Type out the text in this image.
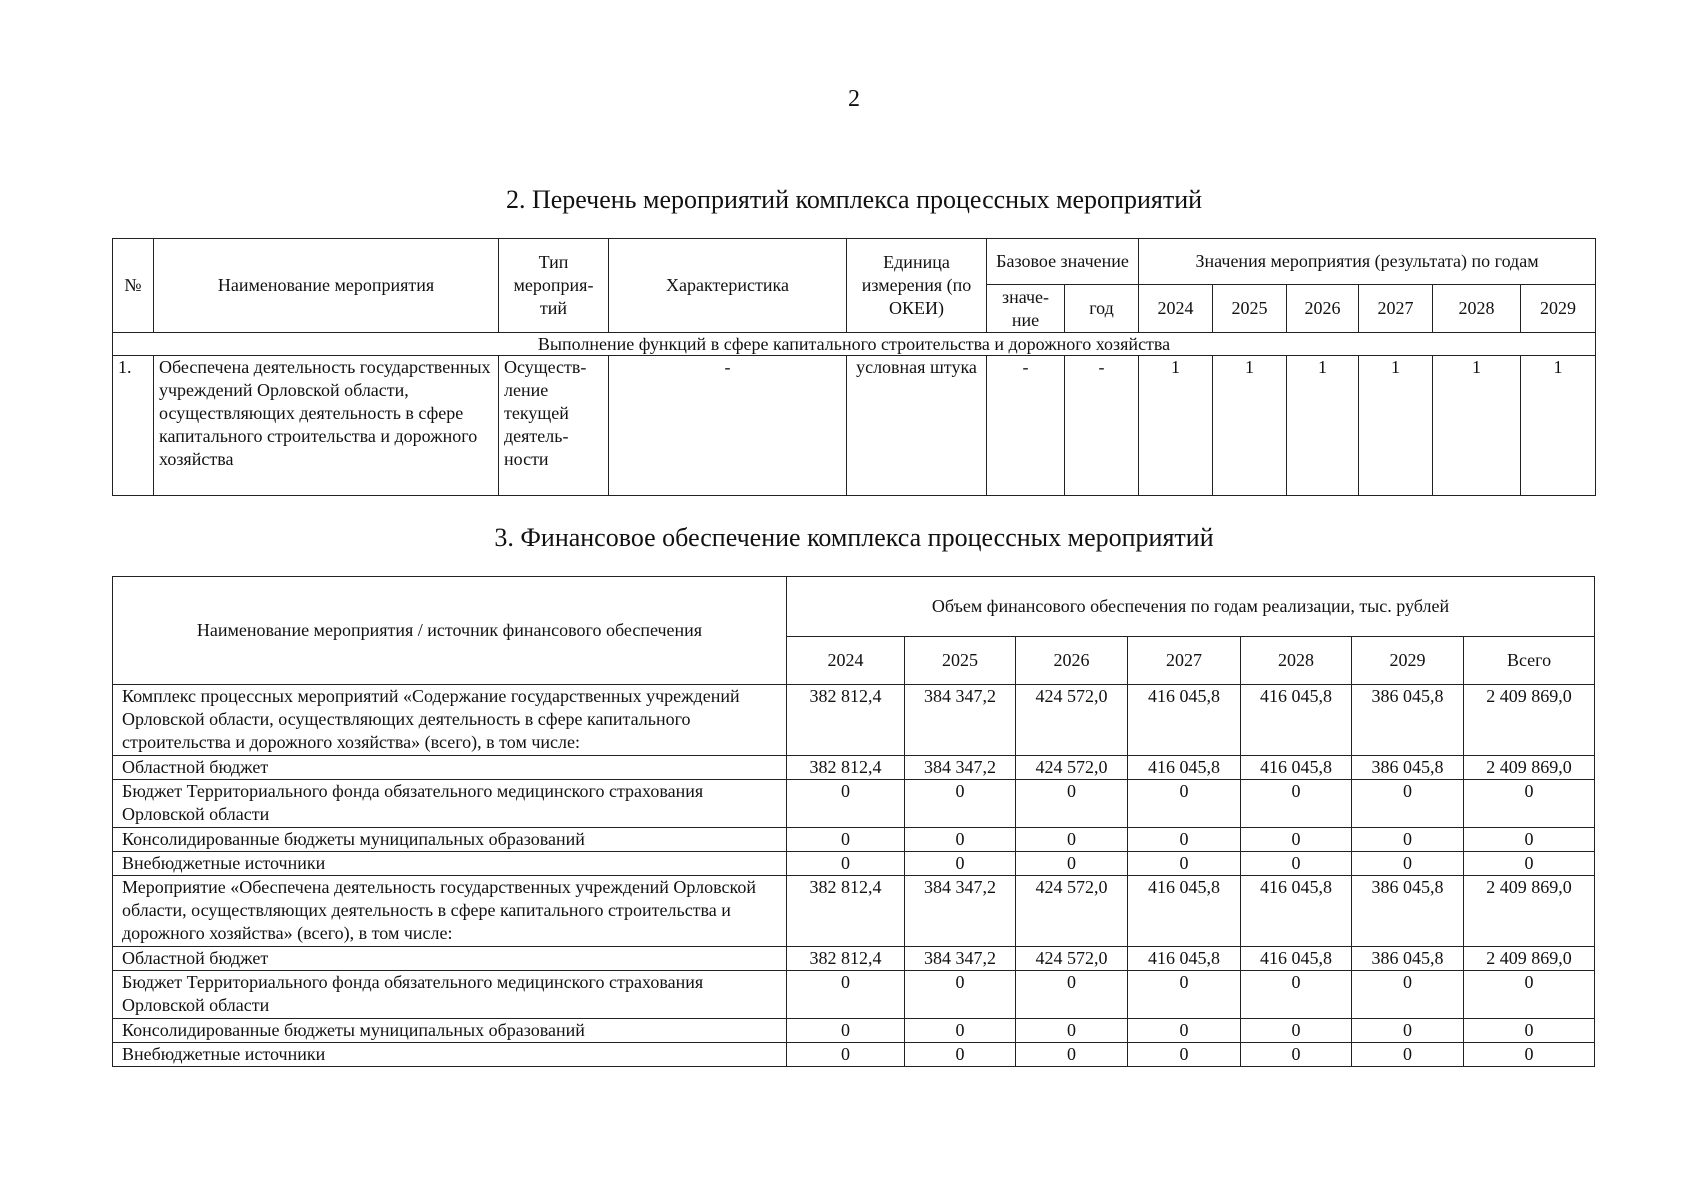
2
2. Перечень мероприятий комплекса процессных мероприятий
№	Наименование мероприятия	Тип мероприя-тий	Характеристика	Единица измерения (по ОКЕИ)	Базовое значение		Значения мероприятия (результата) по годам					
					значе-ние	год	2024	2025	2026	2027	2028	2029
Выполнение функций в сфере капитального строительства и дорожного хозяйства												
1.	Обеспечена деятельность государственных учреждений Орловской области, осуществляющих деятельность в сфере капитального строительства и дорожного хозяйства	Осуществ-ление текущей деятель-ности	-	условная штука	-	-	1	1	1	1	1	1
3. Финансовое обеспечение комплекса процессных мероприятий
Наименование мероприятия / источник финансового обеспечения	Объем финансового обеспечения по годам реализации, тыс. рублей						
	2024	2025	2026	2027	2028	2029	Всего
Комплекс процессных мероприятий «Содержание государственных учреждений Орловской области, осуществляющих деятельность в сфере капитального строительства и дорожного хозяйства» (всего), в том числе:	382 812,4	384 347,2	424 572,0	416 045,8	416 045,8	386 045,8	2 409 869,0
Областной бюджет	382 812,4	384 347,2	424 572,0	416 045,8	416 045,8	386 045,8	2 409 869,0
Бюджет Территориального фонда обязательного медицинского страхования Орловской области	0	0	0	0	0	0	0
Консолидированные бюджеты муниципальных образований	0	0	0	0	0	0	0
Внебюджетные источники	0	0	0	0	0	0	0
Мероприятие «Обеспечена деятельность государственных учреждений Орловской области, осуществляющих деятельность в сфере капитального строительства и дорожного хозяйства» (всего), в том числе:	382 812,4	384 347,2	424 572,0	416 045,8	416 045,8	386 045,8	2 409 869,0
Областной бюджет	382 812,4	384 347,2	424 572,0	416 045,8	416 045,8	386 045,8	2 409 869,0
Бюджет Территориального фонда обязательного медицинского страхования Орловской области	0	0	0	0	0	0	0
Консолидированные бюджеты муниципальных образований	0	0	0	0	0	0	0
Внебюджетные источники	0	0	0	0	0	0	0
